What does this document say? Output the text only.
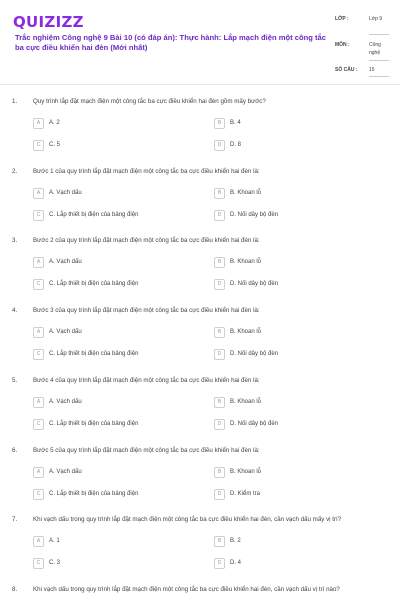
QUIZIZZ
Trắc nghiệm Công nghệ 9 Bài 10 (có đáp án): Thực hành: Lắp mạch điện một công tắc ba cực điều khiển hai đèn (Mới nhất)
LỚP :	Lớp 9
MÔN :	Công nghệ
SỐ CÂU : 15
1.	Quy trình lắp đặt mạch điện một công tắc ba cực điều khiển hai đèn gồm mấy bước?
A	A. 2	B	B. 4
C	C. 5	D	D. 8
2.	Bước 1 của quy trình lắp đặt mạch điện một công tắc ba cực điều khiển hai đèn là:
A	A. Vạch dấu	B	B. Khoan lỗ
C	C. Lắp thiết bị điện của bảng điện	D	D. Nối dây bộ đèn
3.	Bước 2 của quy trình lắp đặt mạch điện một công tắc ba cực điều khiển hai đèn là:
A	A. Vạch dấu	B	B. Khoan lỗ
C	C. Lắp thiết bị điện của bảng điện	D	D. Nối dây bộ đèn
4.	Bước 3 của quy trình lắp đặt mạch điện một công tắc ba cực điều khiển hai đèn là:
A	A. Vạch dấu	B	B. Khoan lỗ
C	C. Lắp thiết bị điện của bảng điện	D	D. Nối dây bộ đèn
5.	Bước 4 của quy trình lắp đặt mạch điện một công tắc ba cực điều khiển hai đèn là:
A	A. Vạch dấu	B	B. Khoan lỗ
C	C. Lắp thiết bị điện của bảng điện	D	D. Nối dây bộ đèn
6.	Bước 5 của quy trình lắp đặt mạch điện một công tắc ba cực điều khiển hai đèn là:
A	A. Vạch dấu	B	B. Khoan lỗ
C	C. Lắp thiết bị điện của bảng điện	D	D. Kiểm tra
7.	Khi vạch dấu trong quy trình lắp đặt mạch điện một công tắc ba cực điều khiển hai đèn, cần vạch dấu mấy vị trí?
A	A. 1	B	B. 2
C	C. 3	D	D. 4
8.	Khi vạch dấu trong quy trình lắp đặt mạch điện một công tắc ba cực điều khiển hai đèn, cần vạch dấu vị trí nào?
